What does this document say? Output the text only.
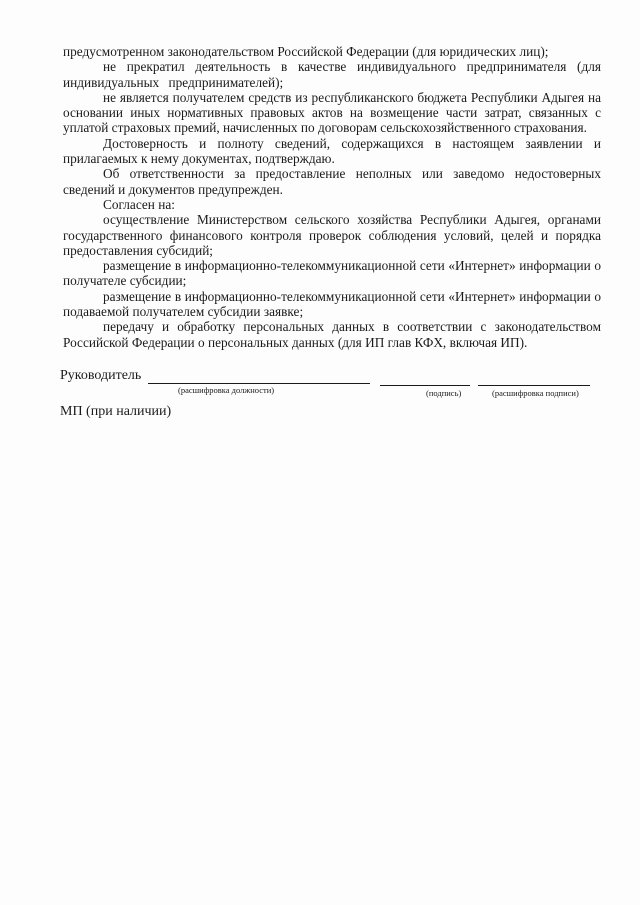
предусмотренном законодательством Российской Федерации (для юридических лиц);

не прекратил деятельность в качестве индивидуального предпринимателя (для индивидуальных предпринимателей);

не является получателем средств из республиканского бюджета Республики Адыгея на основании иных нормативных правовых актов на возмещение части затрат, связанных с уплатой страховых премий, начисленных по договорам сельскохозяйственного страхования.

Достоверность и полноту сведений, содержащихся в настоящем заявлении и прилагаемых к нему документах, подтверждаю.

Об ответственности за предоставление неполных или заведомо недостоверных сведений и документов предупрежден.

Согласен на:

осуществление Министерством сельского хозяйства Республики Адыгея, органами государственного финансового контроля проверок соблюдения условий, целей и порядка предоставления субсидий;

размещение в информационно-телекоммуникационной сети «Интернет» информации о получателе субсидии;

размещение в информационно-телекоммуникационной сети «Интернет» информации о подаваемой получателем субсидии заявке;

передачу и обработку персональных данных в соответствии с законодательством Российской Федерации о персональных данных (для ИП глав КФХ, включая ИП).

Руководитель
(расшифровка должности)	(подпись)	(расшифровка подписи)
МП (при наличии)
